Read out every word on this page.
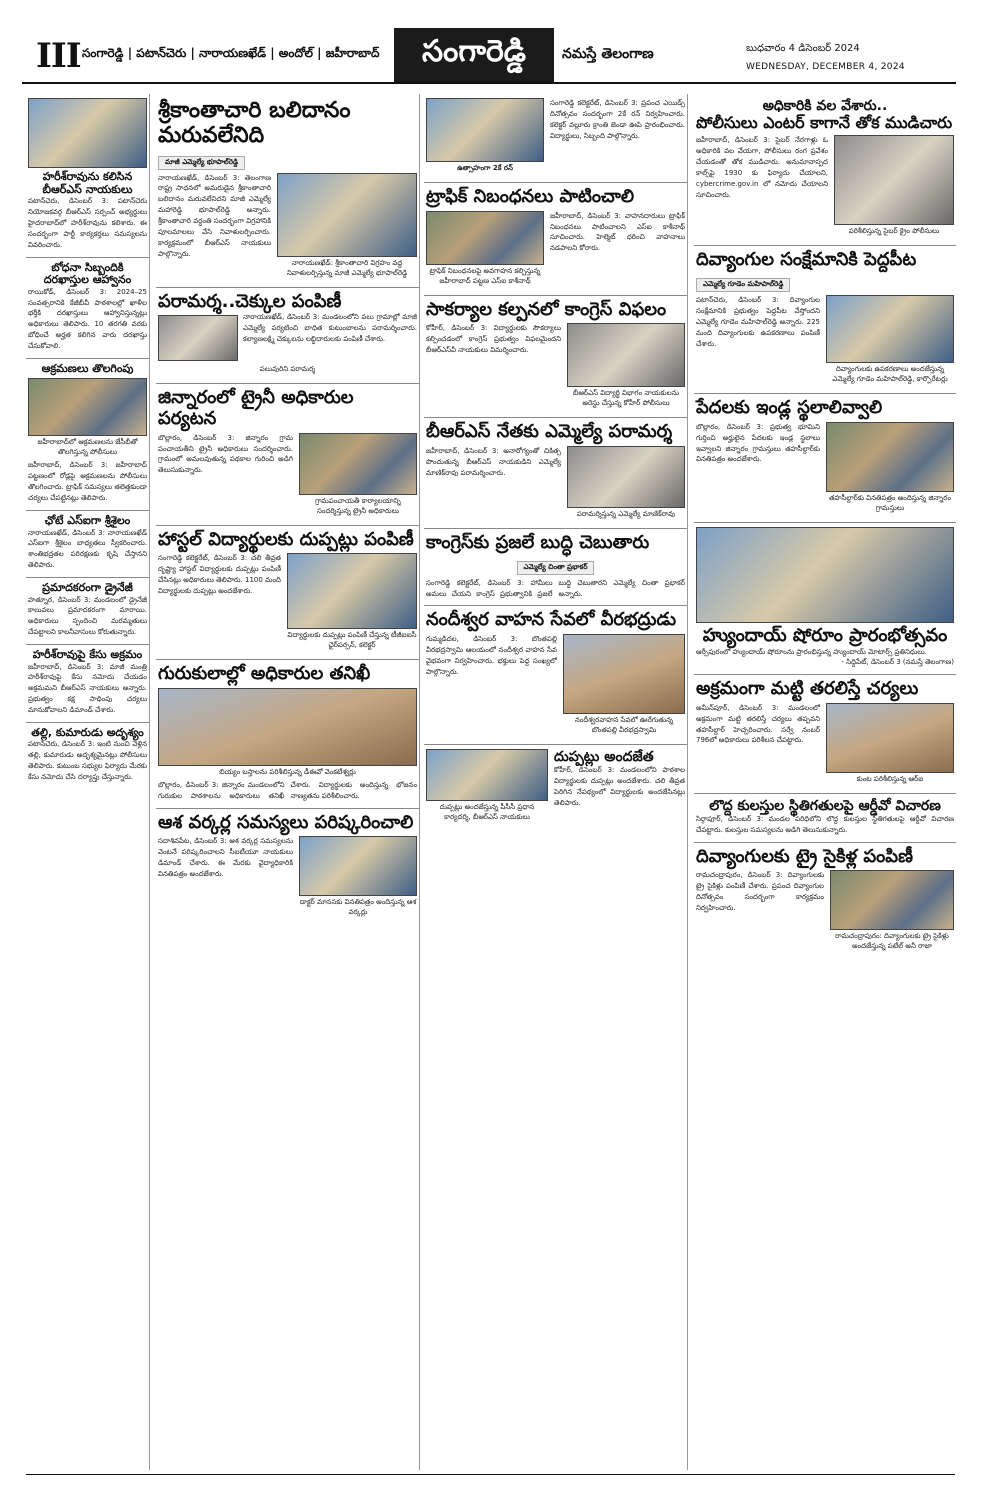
III సంగారెడ్డి | పటాన్‌చెరు | నారాయణఖేడ్ | అందోల్ | జహీరాబాద్	సంగారెడ్డి	నమస్తే తెలంగాణ	బుధవారం 4 డిసెంబర్ 2024
WEDNESDAY, DECEMBER 4, 2024
హరీశ్‌రావును కలిసిన బీఆర్‌ఎస్‌ నాయకులు
పటాన్‌చెరు, డిసెంబర్ 3: పటాన్‌చెరు నియోజకవర్గ బీఆర్‌ఎస్‌ సర్పంచ్‌ అభ్యర్థులు హైదరాబాద్‌లో హరీశ్‌రావును కలిశారు. ఈ సందర్భంగా పార్టీ కార్యకర్తలు సమస్యలను వివరించారు.
బోధనా సిబ్బందికి దరఖాస్తుల ఆహ్వానం
రాయికోడ్, డిసెంబర్ 3: 2024–25 సంవత్సరానికి కేజీబీవీ పాఠశాలల్లో ఖాళీల భర్తీకి దరఖాస్తులు ఆహ్వానిస్తున్నట్లు అధికారులు తెలిపారు. 10 తరగతి వరకు బోధించే అర్హత కలిగిన వారు దరఖాస్తు చేసుకోవాలి.
ఆక్రమణలు తొలగింపు
జహీరాబాద్‌లో ఆక్రమణలను జేసీబీతో తొలగిస్తున్న పోలీసులు
జహీరాబాద్, డిసెంబర్ 3: జహీరాబాద్‌ పట్టణంలో రోడ్లపై ఆక్రమణలను పోలీసులు తొలగించారు. ట్రాఫిక్‌ సమస్యలు తలెత్తకుండా చర్యలు చేపట్టినట్లు తెలిపారు.
ఛోటే ఎస్‌ఐగా శ్రీశైలం
నారాయణఖేడ్‌, డిసెంబర్ 3: నారాయణఖేడ్‌ ఎస్‌ఐగా శ్రీశైలం బాధ్యతలు స్వీకరించారు. శాంతిభద్రతల పరిరక్షణకు కృషి చేస్తానని తెలిపారు.
ప్రమాదకరంగా డ్రైనేజీ
హత్నూర, డిసెంబర్ 3: మండలంలో డ్రైనేజీ కాలువలు ప్రమాదకరంగా మారాయి. అధికారులు స్పందించి మరమ్మతులు చేపట్టాలని కాలనీవాసులు కోరుతున్నారు.
హరీశ్‌రావుపై కేసు అక్రమం
జహీరాబాద్‌, డిసెంబర్ 3: మాజీ మంత్రి హరీశ్‌రావుపై కేసు నమోదు చేయడం అక్రమమని బీఆర్‌ఎస్‌ నాయకులు అన్నారు. ప్రభుత్వం కక్ష సాధింపు చర్యలు మానుకోవాలని డిమాండ్‌ చేశారు.
తల్లి, కుమారుడు అదృశ్యం
పటాన్‌చెరు, డిసెంబర్ 3: ఇంటి నుంచి వెళ్లిన తల్లి, కుమారుడు అదృశ్యమైనట్లు పోలీసులు తెలిపారు. కుటుంబ సభ్యుల ఫిర్యాదు మేరకు కేసు నమోదు చేసి దర్యాప్తు చేస్తున్నారు.
శ్రీకాంతాచారి బలిదానం మరువలేనిది
మాజీ ఎమ్మెల్యే భూపాల్‌రెడ్డి
నారాయణఖేడ్‌, డిసెంబర్ 3: తెలంగాణ రాష్ట్ర సాధనలో అమరుడైన శ్రీకాంతాచారి బలిదానం మరువలేనిదని మాజీ ఎమ్మెల్యే మహారెడ్డి భూపాల్‌రెడ్డి అన్నారు. శ్రీకాంతాచారి వర్ధంతి సందర్భంగా విగ్రహానికి పూలమాలలు వేసి నివాళులర్పించారు. కార్యక్రమంలో బీఆర్‌ఎస్‌ నాయకులు పాల్గొన్నారు.
నారాయణఖేడ్‌: శ్రీకాంతాచారి విగ్రహం వద్ద నివాళులర్పిస్తున్న మాజీ ఎమ్మెల్యే భూపాల్‌రెడ్డి
పరామర్శ..చెక్కుల పంపిణీ
నారాయణఖేడ్‌, డిసెంబర్ 3: మండలంలోని పలు గ్రామాల్లో మాజీ ఎమ్మెల్యే పర్యటించి బాధిత కుటుంబాలను పరామర్శించారు. కల్యాణలక్ష్మి చెక్కులను లబ్ధిదారులకు పంపిణీ చేశారు.
పలువురిని పరామర్శ
జిన్నారంలో ట్రైనీ అధికారుల పర్యటన
బొల్లారం, డిసెంబర్ 3: జిన్నారం గ్రామ పంచాయతీని ట్రైనీ అధికారులు సందర్శించారు. గ్రామంలో అమలవుతున్న పథకాల గురించి అడిగి తెలుసుకున్నారు.
గ్రామపంచాయతీ కార్యాలయాన్ని సందర్శిస్తున్న ట్రైనీ అధికారులు
హాస్టల్‌ విద్యార్థులకు దుప్పట్లు పంపిణీ
సంగారెడ్డి కలెక్టరేట్‌, డిసెంబర్ 3: చలి తీవ్రత దృష్ట్యా హాస్టల్‌ విద్యార్థులకు దుప్పట్లు పంపిణీ చేసినట్లు అధికారులు తెలిపారు. 1100 మంది విద్యార్థులకు దుప్పట్లు అందజేశారు.
విద్యార్థులకు దుప్పట్లు పంపిణీ చేస్తున్న టీజీఐఐసీ ఛైర్‌పర్సన్‌, కలెక్టర్‌
గురుకులాల్లో అధికారుల తనిఖీ
బియ్యం బస్తాలను పరిశీలిస్తున్న డీఈవో వెంకటేశ్వర్లు
బొల్లారం, డిసెంబర్ 3: జిన్నారం మండలంలోని గురుకుల పాఠశాలను అధికారులు తనిఖీ చేశారు. విద్యార్థులకు అందిస్తున్న భోజనం నాణ్యతను పరిశీలించారు.
ఆశ వర్కర్ల సమస్యలు పరిష్కరించాలి
సదాశివపేట, డిసెంబర్ 3: ఆశ వర్కర్ల సమస్యలను వెంటనే పరిష్కరించాలని సీఐటీయూ నాయకులు డిమాండ్‌ చేశారు. ఈ మేరకు వైద్యాధికారికి వినతిపత్రం అందజేశారు.
డాక్టర్‌ మానసకు వినతిపత్రం అందిస్తున్న ఆశ వర్కర్లు
ఉత్సాహంగా 2కే రన్‌
సంగారెడ్డి కలెక్టరేట్‌, డిసెంబర్ 3: ప్రపంచ ఎయిడ్స్‌ దినోత్సవం సందర్భంగా 2కే రన్‌ నిర్వహించారు. కలెక్టర్‌ వల్లూరు క్రాంతి జెండా ఊపి ప్రారంభించారు. విద్యార్థులు, సిబ్బంది పాల్గొన్నారు.
ట్రాఫిక్‌ నిబంధనలు పాటించాలి
ట్రాఫిక్‌ నిబంధనలపై అవగాహన కల్పిస్తున్న జహీరాబాద్‌ పట్టణ ఎస్‌ఐ కాశీనాథ్‌
జహీరాబాద్‌, డిసెంబర్ 3: వాహనదారులు ట్రాఫిక్‌ నిబంధనలు పాటించాలని ఎస్‌ఐ కాశీనాథ్‌ సూచించారు. హెల్మెట్‌ ధరించి వాహనాలు నడపాలని కోరారు.
సాకర్యాల కల్పనలో కాంగ్రెస్‌ విఫలం
కోహీర్‌, డిసెంబర్ 3: విద్యార్థులకు సౌకర్యాలు కల్పించడంలో కాంగ్రెస్‌ ప్రభుత్వం విఫలమైందని బీఆర్‌ఎస్‌వీ నాయకులు విమర్శించారు.
బీఆర్‌ఎస్‌ విద్యార్థి విభాగం నాయకులను అరెస్టు చేస్తున్న కోహీర్‌ పోలీసులు
బీఆర్‌ఎస్‌ నేతకు ఎమ్మెల్యే పరామర్శ
జహీరాబాద్‌, డిసెంబర్ 3: అనారోగ్యంతో చికిత్స పొందుతున్న బీఆర్‌ఎస్‌ నాయకుడిని ఎమ్మెల్యే మాణిక్‌రావు పరామర్శించారు.
పరామర్శిస్తున్న ఎమ్మెల్యే మాణిక్‌రావు
కాంగ్రెస్‌కు ప్రజలే బుద్ధి చెబుతారు
ఎమ్మెల్యే చింతా ప్రభాకర్‌
సంగారెడ్డి కలెక్టరేట్‌, డిసెంబర్ 3: హామీలు అమలు చేయని కాంగ్రెస్‌ ప్రభుత్వానికి ప్రజలే బుద్ధి చెబుతారని ఎమ్మెల్యే చింతా ప్రభాకర్‌ అన్నారు.
నందీశ్వర వాహన సేవలో వీరభద్రుడు
గుమ్మడిదల, డిసెంబర్ 3: బొంతపల్లి వీరభద్రస్వామి ఆలయంలో నందీశ్వర వాహన సేవ వైభవంగా నిర్వహించారు. భక్తులు పెద్ద సంఖ్యలో పాల్గొన్నారు.
నందీశ్వరవాహన సేవలో ఊరేగుతున్న బొంతపల్లి వీరభద్రస్వామి
దుప్పట్లు అందజేస్తున్న పీసీసీ ప్రధాన కార్యదర్శి, బీఆర్‌ఎస్‌ నాయకులు
దుప్పట్లు అందజేత
కోహీర్‌, డిసెంబర్ 3: మండలంలోని పాఠశాల విద్యార్థులకు దుప్పట్లు అందజేశారు. చలి తీవ్రత పెరిగిన నేపథ్యంలో విద్యార్థులకు అందజేసినట్లు తెలిపారు.
అధికారికి వల వేశారు..
పోలీసులు ఎంటర్‌ కాగానే తోక ముడిచారు
జహీరాబాద్‌, డిసెంబర్ 3: సైబర్‌ నేరగాళ్లు ఓ అధికారికి వల వేయగా, పోలీసులు రంగ ప్రవేశం చేయడంతో తోక ముడిచారు. అనుమానాస్పద కాల్స్‌పై 1930 కు ఫిర్యాదు చేయాలని, cybercrime.gov.in లో నమోదు చేయాలని సూచించారు.
పరిశీలిస్తున్న సైబర్‌ క్రైం పోలీసులు
దివ్యాంగుల సంక్షేమానికి పెద్దపీట
ఎమ్మెల్యే గూడెం మహిపాల్‌రెడ్డి
పటాన్‌చెరు, డిసెంబర్ 3: దివ్యాంగుల సంక్షేమానికి ప్రభుత్వం పెద్దపీట వేస్తోందని ఎమ్మెల్యే గూడెం మహిపాల్‌రెడ్డి అన్నారు. 225 మంది దివ్యాంగులకు ఉపకరణాలు పంపిణీ చేశారు.
దివ్యాంగులకు ఉపకరణాలు అందజేస్తున్న ఎమ్మెల్యే గూడెం మహిపాల్‌రెడ్డి, కార్పొరేటర్లు
పేదలకు ఇండ్ల స్థలాలివ్వాలి
బొల్లారం, డిసెంబర్ 3: ప్రభుత్వ భూమిని గుర్తించి అర్హులైన పేదలకు ఇండ్ల స్థలాలు ఇవ్వాలని జిన్నారం గ్రామస్తులు తహసీల్దార్‌కు వినతిపత్రం అందజేశారు.
తహసీల్దార్‌కు వినతిపత్రం అందిస్తున్న జిన్నారం గ్రామస్తులు
హ్యుందాయ్‌ షోరూం ప్రారంభోత్సవం
ఆర్సీపురంలో హ్యుందాయ్‌ షోరూంను ప్రారంభిస్తున్న హ్యుందాయ్‌ మోటార్స్‌ ప్రతినిధులు.
- సిద్దిపేట్‌, డిసెంబర్ 3 (నమస్తే తెలంగాణ)
అక్రమంగా మట్టి తరలిస్తే చర్యలు
అమీన్‌పూర్‌, డిసెంబర్ 3: మండలంలో అక్రమంగా మట్టి తరలిస్తే చర్యలు తప్పవని తహసీల్దార్‌ హెచ్చరించారు. సర్వే నంబర్‌ 796లో అధికారులు పరిశీలన చేపట్టారు.
కుంట పరిశీలిస్తున్న ఆర్‌ఐ
లొద్ద కులస్తుల స్థితిగతులపై ఆర్డీవో విచారణ
సిర్గాపూర్‌, డిసెంబర్ 3: మండల పరిధిలోని లొద్ద కులస్తుల స్థితిగతులపై ఆర్డీవో విచారణ చేపట్టారు. కులస్తుల సమస్యలను అడిగి తెలుసుకున్నారు.
దివ్యాంగులకు ట్రై సైకిళ్ల పంపిణీ
రామచంద్రాపురం, డిసెంబర్ 3: దివ్యాంగులకు ట్రై సైకిళ్లు పంపిణీ చేశారు. ప్రపంచ దివ్యాంగుల దినోత్సవం సందర్భంగా కార్యక్రమం నిర్వహించారు.
రామచంద్రాపురం: దివ్యాంగులకు ట్రై సైకిళ్లు అందజేస్తున్న పటేల్‌ అనీ రాజా
